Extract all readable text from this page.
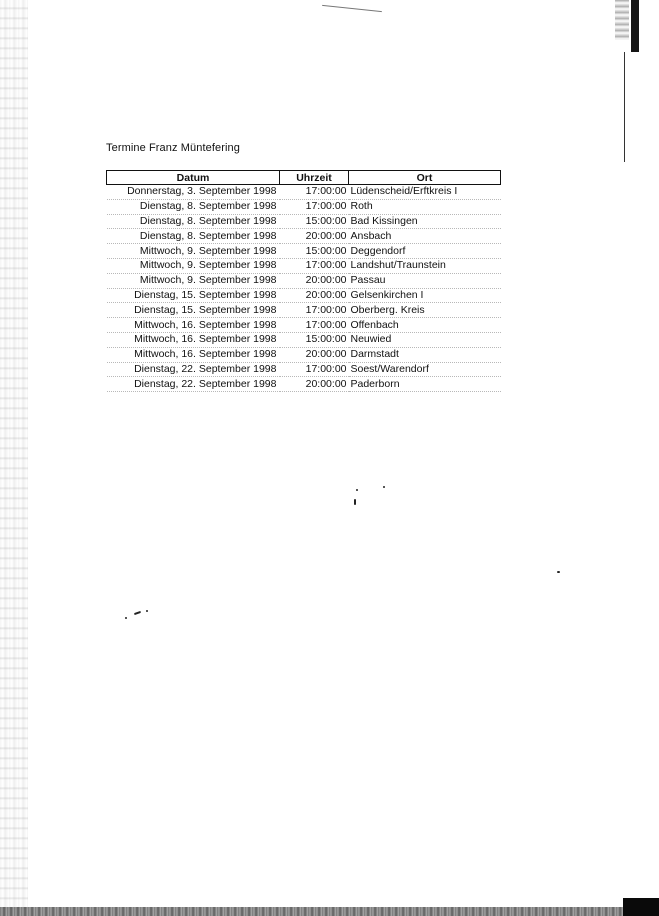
Termine Franz Müntefering
Datum	Uhrzeit	Ort
Donnerstag, 3. September 1998	17:00:00	Lüdenscheid/Erftkreis I
Dienstag, 8. September 1998	17:00:00	Roth
Dienstag, 8. September 1998	15:00:00	Bad Kissingen
Dienstag, 8. September 1998	20:00:00	Ansbach
Mittwoch, 9. September 1998	15:00:00	Deggendorf
Mittwoch, 9. September 1998	17:00:00	Landshut/Traunstein
Mittwoch, 9. September 1998	20:00:00	Passau
Dienstag, 15. September 1998	20:00:00	Gelsenkirchen I
Dienstag, 15. September 1998	17:00:00	Oberberg. Kreis
Mittwoch, 16. September 1998	17:00:00	Offenbach
Mittwoch, 16. September 1998	15:00:00	Neuwied
Mittwoch, 16. September 1998	20:00:00	Darmstadt
Dienstag, 22. September 1998	17:00:00	Soest/Warendorf
Dienstag, 22. September 1998	20:00:00	Paderborn
